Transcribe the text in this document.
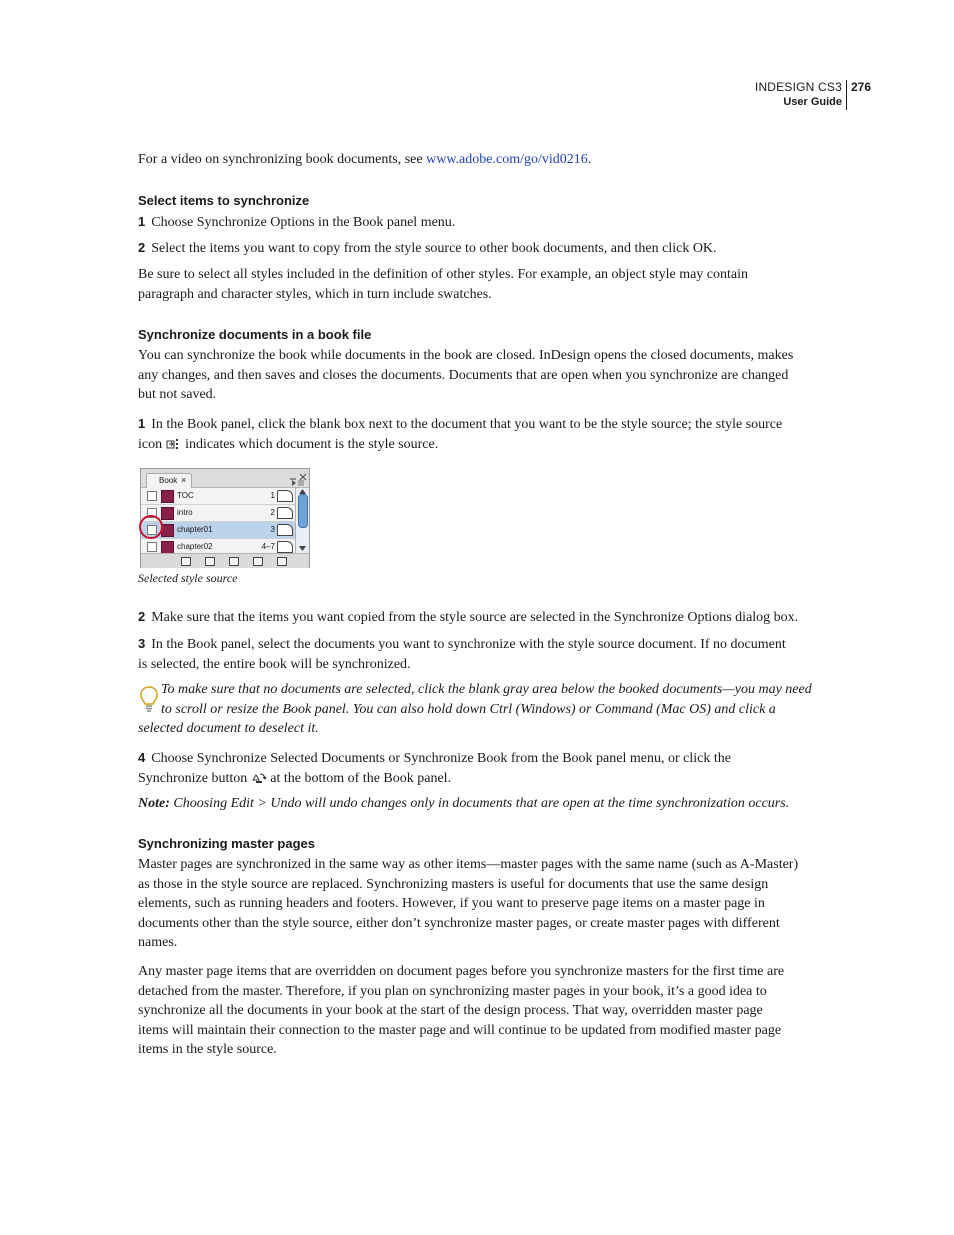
INDESIGN CS3
User Guide
276
For a video on synchronizing book documents, see www.adobe.com/go/vid0216.
Select items to synchronize
1 Choose Synchronize Options in the Book panel menu.
2 Select the items you want to copy from the style source to other book documents, and then click OK.
Be sure to select all styles included in the definition of other styles. For example, an object style may contain
paragraph and character styles, which in turn include swatches.
Synchronize documents in a book file
You can synchronize the book while documents in the book are closed. InDesign opens the closed documents, makes
any changes, and then saves and closes the documents. Documents that are open when you synchronize are changed
but not saved.
1 In the Book panel, click the blank box next to the document that you want to be the style source; the style source
icon indicates which document is the style source.
Book ×
TOC	1
intro	2
chapter01	3
chapter02	4–7
Selected style source
2 Make sure that the items you want copied from the style source are selected in the Synchronize Options dialog box.
3 In the Book panel, select the documents you want to synchronize with the style source document. If no document
is selected, the entire book will be synchronized.
To make sure that no documents are selected, click the blank gray area below the booked documents—you may need
to scroll or resize the Book panel. You can also hold down Ctrl (Windows) or Command (Mac OS) and click a
selected document to deselect it.
4 Choose Synchronize Selected Documents or Synchronize Book from the Book panel menu, or click the
Synchronize button at the bottom of the Book panel.
Note: Choosing Edit > Undo will undo changes only in documents that are open at the time synchronization occurs.
Synchronizing master pages
Master pages are synchronized in the same way as other items—master pages with the same name (such as A-Master)
as those in the style source are replaced. Synchronizing masters is useful for documents that use the same design
elements, such as running headers and footers. However, if you want to preserve page items on a master page in
documents other than the style source, either don’t synchronize master pages, or create master pages with different
names.
Any master page items that are overridden on document pages before you synchronize masters for the first time are
detached from the master. Therefore, if you plan on synchronizing master pages in your book, it’s a good idea to
synchronize all the documents in your book at the start of the design process. That way, overridden master page
items will maintain their connection to the master page and will continue to be updated from modified master page
items in the style source.
